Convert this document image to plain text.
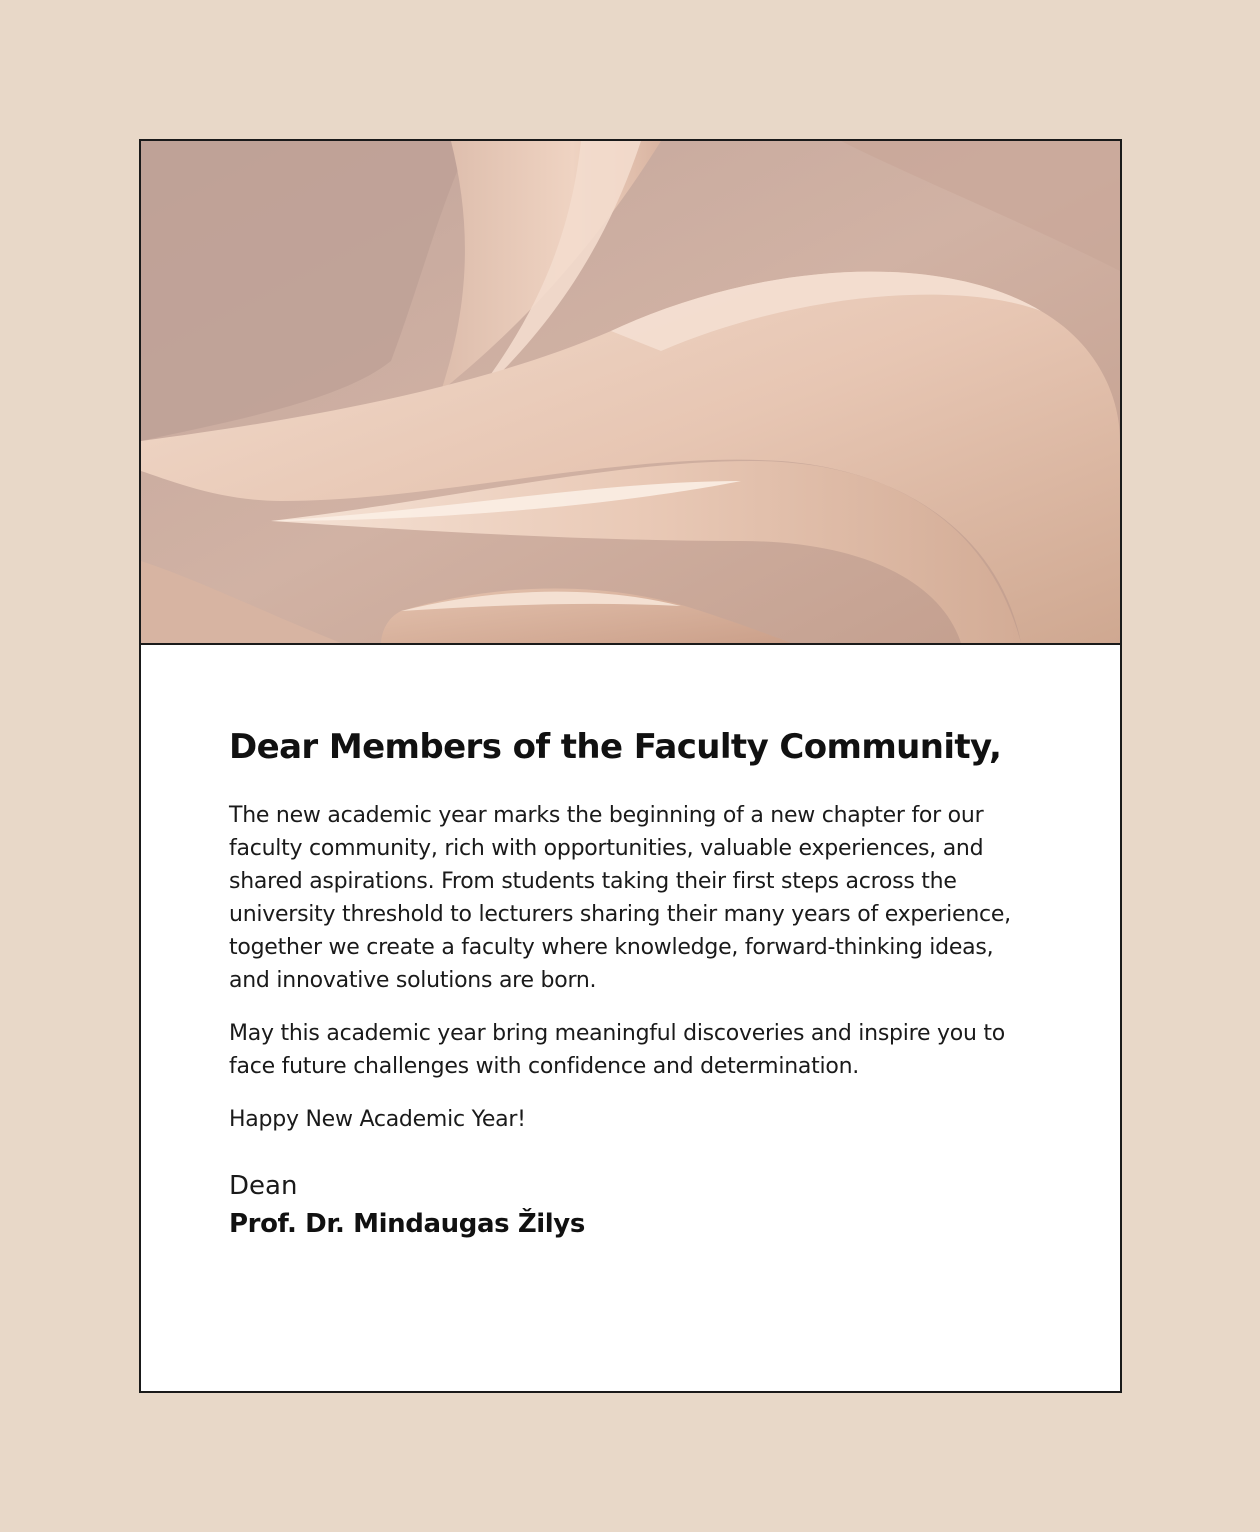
Dear Members of the Faculty Community,

The new academic year marks the beginning of a new chapter for our faculty community, rich with opportunities, valuable experiences, and shared aspirations. From students taking their first steps across the university threshold to lecturers sharing their many years of experience, together we create a faculty where knowledge, forward-thinking ideas, and innovative solutions are born.

May this academic year bring meaningful discoveries and inspire you to face future challenges with confidence and determination.

Happy New Academic Year!

Dean

Prof. Dr. Mindaugas Žilys
